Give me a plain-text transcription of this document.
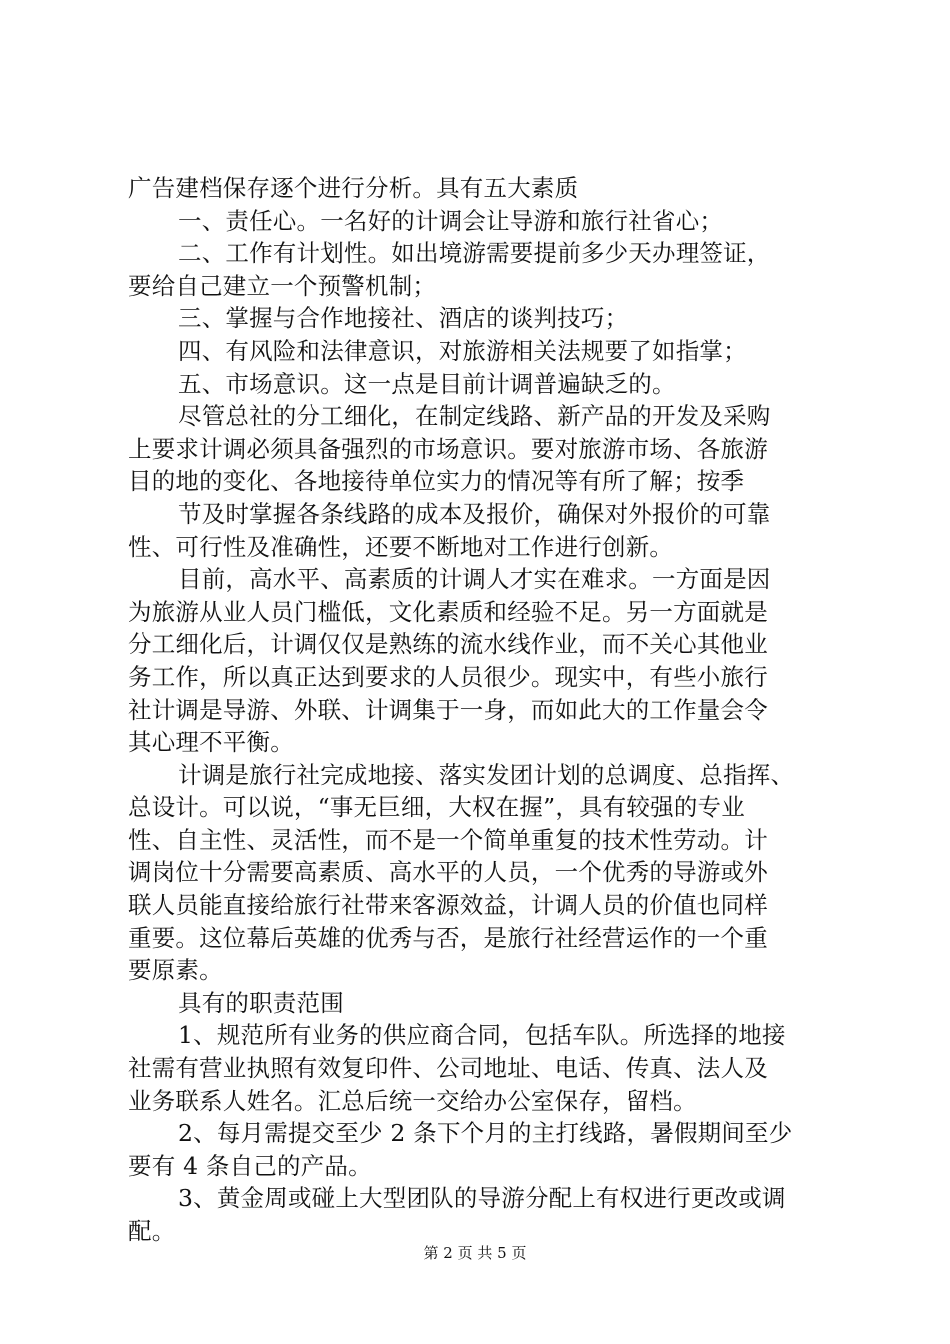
广告建档保存逐个进行分析。具有五大素质
一、责任心。一名好的计调会让导游和旅行社省心；
二、工作有计划性。如出境游需要提前多少天办理签证，
要给自己建立一个预警机制；
三、掌握与合作地接社、酒店的谈判技巧；
四、有风险和法律意识，对旅游相关法规要了如指掌；
五、市场意识。这一点是目前计调普遍缺乏的。
尽管总社的分工细化，在制定线路、新产品的开发及采购
上要求计调必须具备强烈的市场意识。要对旅游市场、各旅游
目的地的变化、各地接待单位实力的情况等有所了解；按季
节及时掌握各条线路的成本及报价，确保对外报价的可靠
性、可行性及准确性，还要不断地对工作进行创新。
目前，高水平、高素质的计调人才实在难求。一方面是因
为旅游从业人员门槛低，文化素质和经验不足。另一方面就是
分工细化后，计调仅仅是熟练的流水线作业，而不关心其他业
务工作，所以真正达到要求的人员很少。现实中，有些小旅行
社计调是导游、外联、计调集于一身，而如此大的工作量会令
其心理不平衡。
计调是旅行社完成地接、落实发团计划的总调度、总指挥、
总设计。可以说，“事无巨细，大权在握”，具有较强的专业
性、自主性、灵活性，而不是一个简单重复的技术性劳动。计
调岗位十分需要高素质、高水平的人员，一个优秀的导游或外
联人员能直接给旅行社带来客源效益，计调人员的价值也同样
重要。这位幕后英雄的优秀与否，是旅行社经营运作的一个重
要原素。
具有的职责范围
1、规范所有业务的供应商合同，包括车队。所选择的地接
社需有营业执照有效复印件、公司地址、电话、传真、法人及
业务联系人姓名。汇总后统一交给办公室保存，留档。
2、每月需提交至少 2 条下个月的主打线路，暑假期间至少
要有 4 条自己的产品。
3、黄金周或碰上大型团队的导游分配上有权进行更改或调
配。
第 2 页 共 5 页
